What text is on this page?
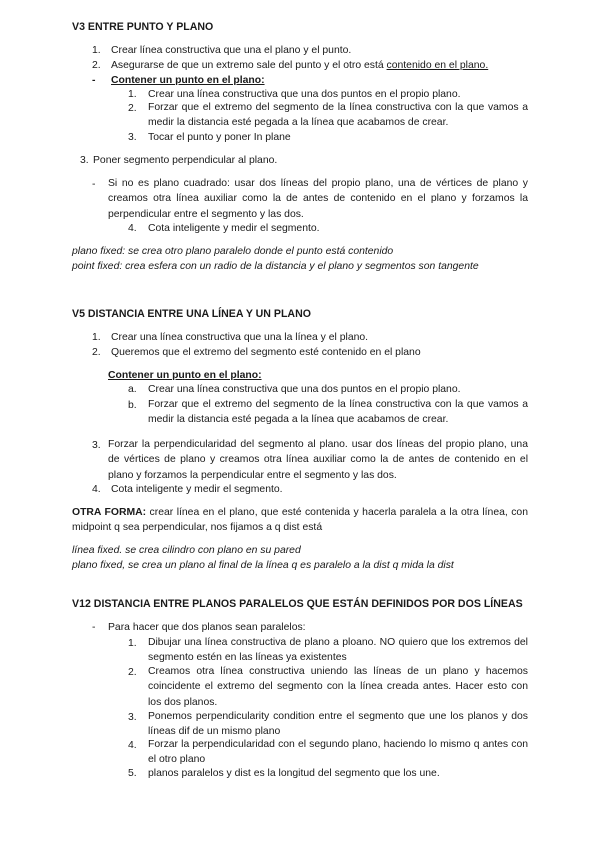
V3 ENTRE PUNTO Y PLANO
1. Crear línea constructiva que una el plano y el punto.
2. Asegurarse de que un extremo sale del punto y el otro está contenido en el plano.
- Contener un punto en el plano:
1. Crear una línea constructiva que una dos puntos en el propio plano.
2. Forzar que el extremo del segmento de la línea constructiva con la que vamos a medir la distancia esté pegada a la línea que acabamos de crear.
3. Tocar el punto y poner In plane
3. Poner segmento perpendicular al plano.
- Si no es plano cuadrado: usar dos líneas del propio plano, una de vértices de plano y creamos otra línea auxiliar como la de antes de contenido en el plano y forzamos la perpendicular entre el segmento y las dos.
4. Cota inteligente y medir el segmento.
plano fixed: se crea otro plano paralelo donde el punto está contenido
point fixed: crea esfera con un radio de la distancia y el plano y segmentos son tangente
V5 DISTANCIA ENTRE UNA LÍNEA Y UN PLANO
1. Crear una línea constructiva que una la línea y el plano.
2. Queremos que el extremo del segmento esté contenido en el plano
Contener un punto en el plano:
a. Crear una línea constructiva que una dos puntos en el propio plano.
b. Forzar que el extremo del segmento de la línea constructiva con la que vamos a medir la distancia esté pegada a la línea que acabamos de crear.
3. Forzar la perpendicularidad del segmento al plano. usar dos líneas del propio plano, una de vértices de plano y creamos otra línea auxiliar como la de antes de contenido en el plano y forzamos la perpendicular entre el segmento y las dos.
4. Cota inteligente y medir el segmento.
OTRA FORMA: crear línea en el plano, que esté contenida y hacerla paralela a la otra línea, con midpoint q sea perpendicular, nos fijamos a q dist está
línea fixed. se crea cilindro con plano en su pared
plano fixed, se crea un plano al final de la línea q es paralelo a la dist q mida la dist
V12 DISTANCIA ENTRE PLANOS PARALELOS QUE ESTÁN DEFINIDOS POR DOS LÍNEAS
- Para hacer que dos planos sean paralelos:
1. Dibujar una línea constructiva de plano a ploano. NO quiero que los extremos del segmento estén en las líneas ya existentes
2. Creamos otra línea constructiva uniendo las líneas de un plano y hacemos coincidente el extremo del segmento con la línea creada antes. Hacer esto con los dos planos.
3. Ponemos perpendicularity condition entre el segmento que une los planos y dos líneas dif de un mismo plano
4. Forzar la perpendicularidad con el segundo plano, haciendo lo mismo q antes con el otro plano
5. planos paralelos y dist es la longitud del segmento que los une.
